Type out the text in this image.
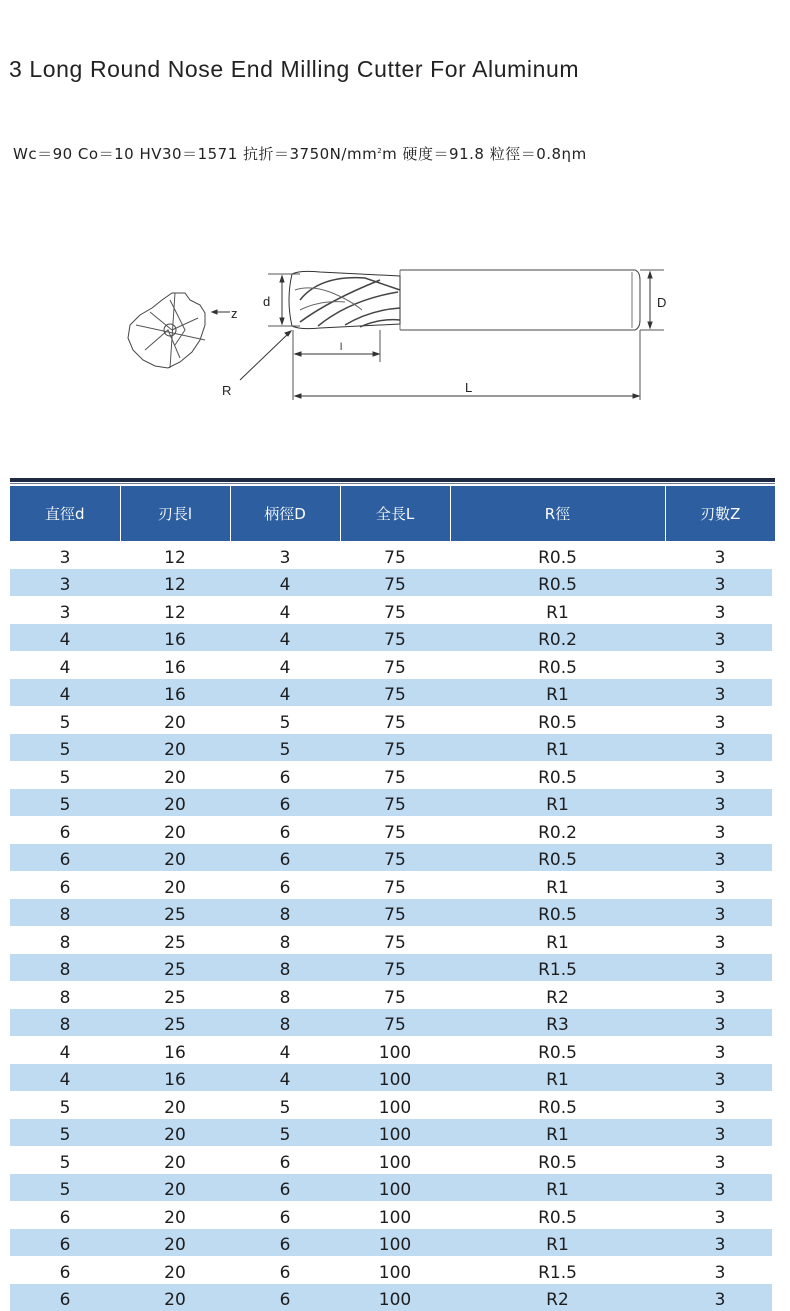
3 Long Round Nose End Milling Cutter For Aluminum
Wc＝90 Co＝10 HV30＝1571 抗折$=3750N/mm^2m$ 硬度＝91.8 粒徑＝0.8ηm
z
d	D
l
L
R
直徑d	刃長l	柄徑D	全長L	R徑	刃數Z
3	12	3	75	R0.5	3
3	12	4	75	R0.5	3
3	12	4	75	R1	3
4	16	4	75	R0.2	3
4	16	4	75	R0.5	3
4	16	4	75	R1	3
5	20	5	75	R0.5	3
5	20	5	75	R1	3
5	20	6	75	R0.5	3
5	20	6	75	R1	3
6	20	6	75	R0.2	3
6	20	6	75	R0.5	3
6	20	6	75	R1	3
8	25	8	75	R0.5	3
8	25	8	75	R1	3
8	25	8	75	R1.5	3
8	25	8	75	R2	3
8	25	8	75	R3	3
4	16	4	100	R0.5	3
4	16	4	100	R1	3
5	20	5	100	R0.5	3
5	20	5	100	R1	3
5	20	6	100	R0.5	3
5	20	6	100	R1	3
6	20	6	100	R0.5	3
6	20	6	100	R1	3
6	20	6	100	R1.5	3
6	20	6	100	R2	3
